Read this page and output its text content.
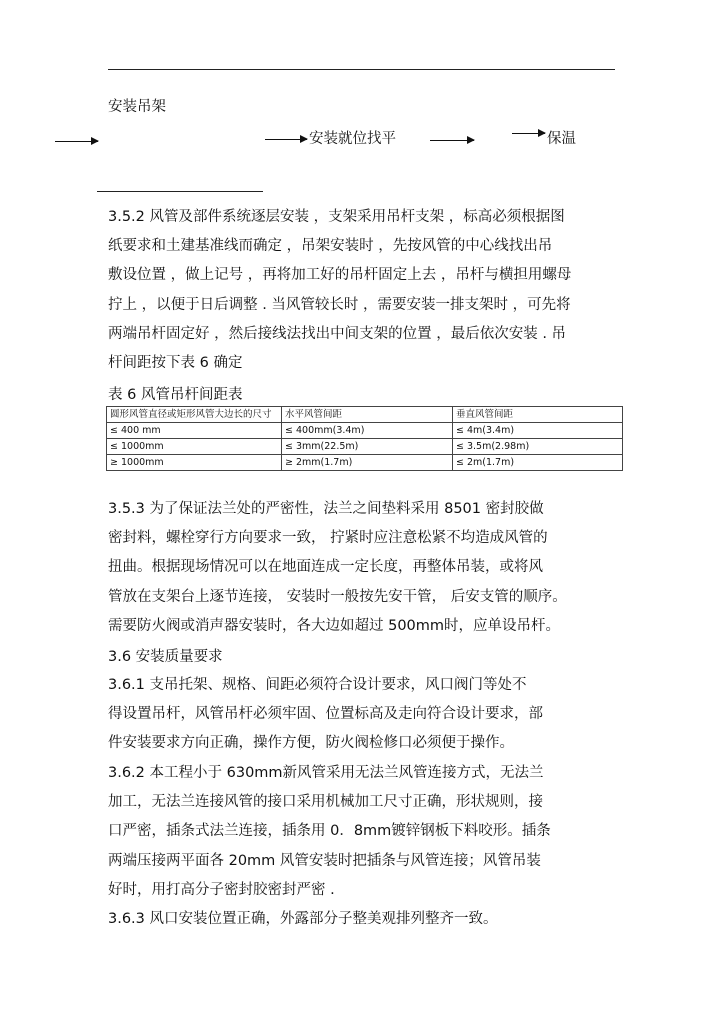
安装吊架
安装就位找平	保温
3.5.2 风管及部件系统逐层安装 ，支架采用吊杆支架 ，标高必须根据图
纸要求和土建基准线而确定 ，吊架安装时 ，先按风管的中心线找出吊
敷设位置 ，做上记号 ，再将加工好的吊杆固定上去 ，吊杆与横担用螺母
拧上 ，以便于日后调整 . 当风管较长时 ，需要安装一排支架时 ，可先将
两端吊杆固定好 ，然后接线法找出中间支架的位置 ，最后依次安装 . 吊
杆间距按下表 6 确定
表 6 风管吊杆间距表
圆形风管直径或矩形风管大边长的尺寸	水平风管间距	垂直风管间距
≤ 400 mm	≤ 400mm(3.4m)	≤ 4m(3.4m)
≤ 1000mm	≤ 3mm(22.5m)	≤ 3.5m(2.98m)
≥ 1000mm	≥ 2mm(1.7m)	≤ 2m(1.7m)
3.5.3 为了保证法兰处的严密性，法兰之间垫料采用 8501 密封胶做
密封料，螺栓穿行方向要求一致， 拧紧时应注意松紧不均造成风管的
扭曲。根据现场情况可以在地面连成一定长度，再整体吊装，或将风
管放在支架台上逐节连接， 安装时一般按先安干管， 后安支管的顺序。
需要防火阀或消声器安装时，各大边如超过 500mm时，应单设吊杆。
3.6 安装质量要求
3.6.1 支吊托架、规格、间距必须符合设计要求，风口阀门等处不
得设置吊杆，风管吊杆必须牢固、位置标高及走向符合设计要求，部
件安装要求方向正确，操作方便，防火阀检修口必须便于操作。
3.6.2 本工程小于 630mm新风管采用无法兰风管连接方式，无法兰
加工，无法兰连接风管的接口采用机械加工尺寸正确，形状规则，接
口严密，插条式法兰连接，插条用 0．8mm镀锌钢板下料咬形。插条
两端压接两平面各 20mm 风管安装时把插条与风管连接；风管吊装
好时，用打高分子密封胶密封严密 .
3.6.3 风口安装位置正确，外露部分子整美观排列整齐一致。
